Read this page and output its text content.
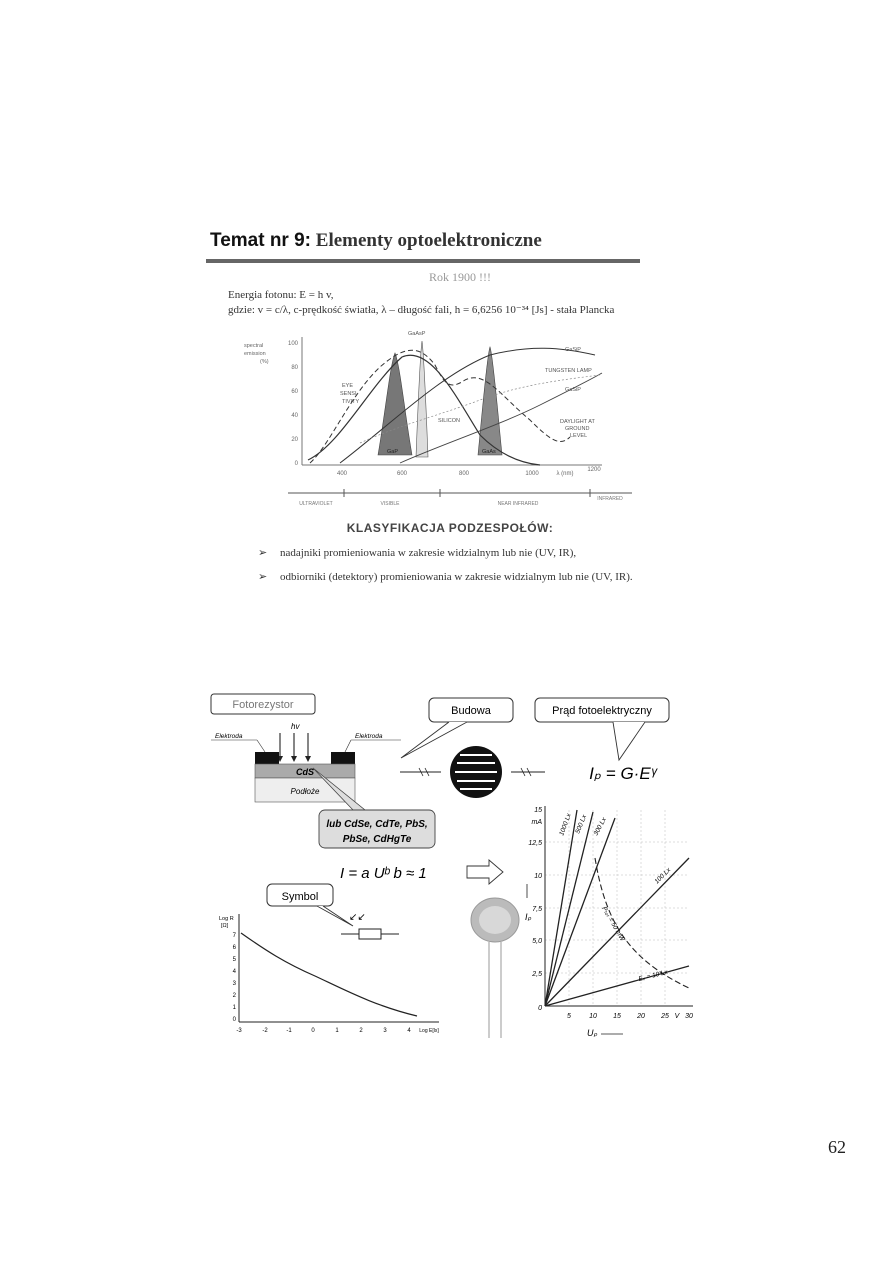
Temat nr 9: Elementy optoelektroniczne
Rok 1900 !!!
Energia fotonu: E = h v,
gdzie: v = c/λ, c-prędkość światła, λ – długość fali, h = 6,6256 10⁻³⁴ [Js] - stała Plancka
spectral
emission
(%)
100
80
60
40
20
0
400	600	800	1000
1200
λ (nm)
GaAsP
GaSiP
TUNGSTEN LAMP
GaSiP
EYE
SENSI-
TIVITY
SILICON	DAYLIGHT AT
GROUND
LEVEL
GaP	GaAs
ULTRAVIOLET	VISIBLE	NEAR INFRARED
INFRARED
KLASYFIKACJA PODZESPOŁÓW:
➢ nadajniki promieniowania w zakresie widzialnym lub nie (UV, IR),
➢ odbiorniki (detektory) promieniowania w zakresie widzialnym lub nie (UV, IR).
Fotorezystor
hv
Elektroda	Elektroda
CdS
Podłoże
lub CdSe, CdTe, PbS,
PbSe, CdHgTe
Budowa	Prąd fotoelektryczny
Iₚ = G·Eᵞ
I = a Uᵇ b ≈ 1
Symbol
↙↙
Log R
[Ω]
7
6
5
4
3
2
1
0
-3	-2	-1	0	1	2	3	4 Log E[lx]
15
mA
12,5
10
7,5
5,0
2,5
0
5	10 15 20 25 V 30
Iₚ
Uₚ
1000 Lx 500 Lx 300 Lx
100 Lx
Pₜₒₜ = 50 mW
Eᵥ = 10 Lx
62
